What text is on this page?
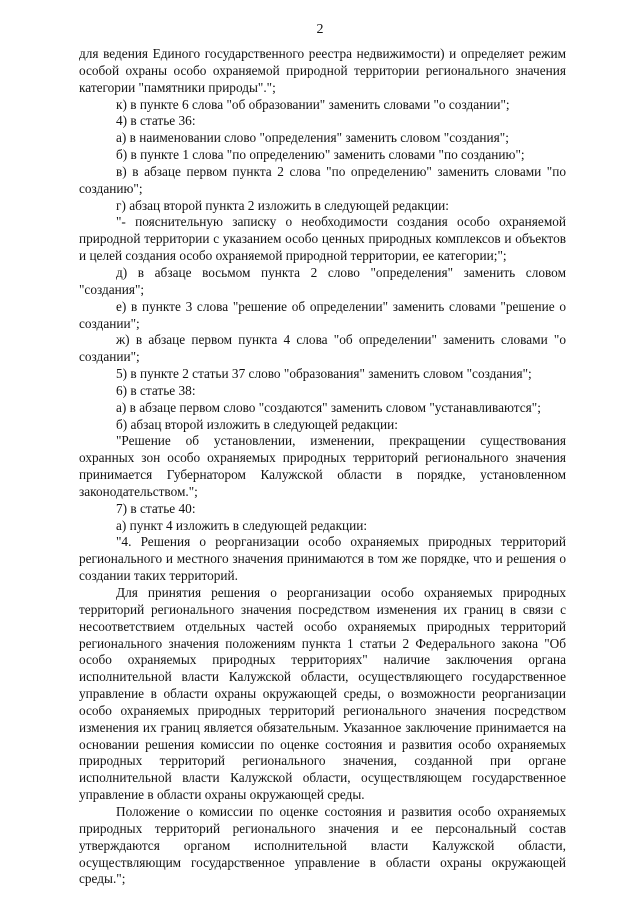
2

для ведения Единого государственного реестра недвижимости) и определяет режим особой охраны особо охраняемой природной территории регионального значения категории "памятники природы".";

к) в пункте 6 слова "об образовании" заменить словами "о создании";

4) в статье 36:

а) в наименовании слово "определения" заменить словом "создания";

б) в пункте 1 слова "по определению" заменить словами "по созданию";

в) в абзаце первом пункта 2 слова "по определению" заменить словами "по созданию";

г) абзац второй пункта 2 изложить в следующей редакции:

"- пояснительную записку о необходимости создания особо охраняемой природной территории с указанием особо ценных природных комплексов и объектов и целей создания особо охраняемой природной территории, ее категории;";

д) в абзаце восьмом пункта 2 слово "определения" заменить словом "создания";

е) в пункте 3 слова "решение об определении" заменить словами "решение о создании";

ж) в абзаце первом пункта 4 слова "об определении" заменить словами "о создании";

5) в пункте 2 статьи 37 слово "образования" заменить словом "создания";

6) в статье 38:

а) в абзаце первом слово "создаются" заменить словом "устанавливаются";

б) абзац второй изложить в следующей редакции:

"Решение об установлении, изменении, прекращении существования охранных зон особо охраняемых природных территорий регионального значения принимается Губернатором Калужской области в порядке, установленном законодательством.";

7) в статье 40:

а) пункт 4 изложить в следующей редакции:

"4. Решения о реорганизации особо охраняемых природных территорий регионального и местного значения принимаются в том же порядке, что и решения о создании таких территорий.

Для принятия решения о реорганизации особо охраняемых природных территорий регионального значения посредством изменения их границ в связи с несоответствием отдельных частей особо охраняемых природных территорий регионального значения положениям пункта 1 статьи 2 Федерального закона "Об особо охраняемых природных территориях" наличие заключения органа исполнительной власти Калужской области, осуществляющего государственное управление в области охраны окружающей среды, о возможности реорганизации особо охраняемых природных территорий регионального значения посредством изменения их границ является обязательным. Указанное заключение принимается на основании решения комиссии по оценке состояния и развития особо охраняемых природных территорий регионального значения, созданной при органе исполнительной власти Калужской области, осуществляющем государственное управление в области охраны окружающей среды.

Положение о комиссии по оценке состояния и развития особо охраняемых природных территорий регионального значения и ее персональный состав утверждаются органом исполнительной власти Калужской области, осуществляющим государственное управление в области охраны окружающей среды.";
